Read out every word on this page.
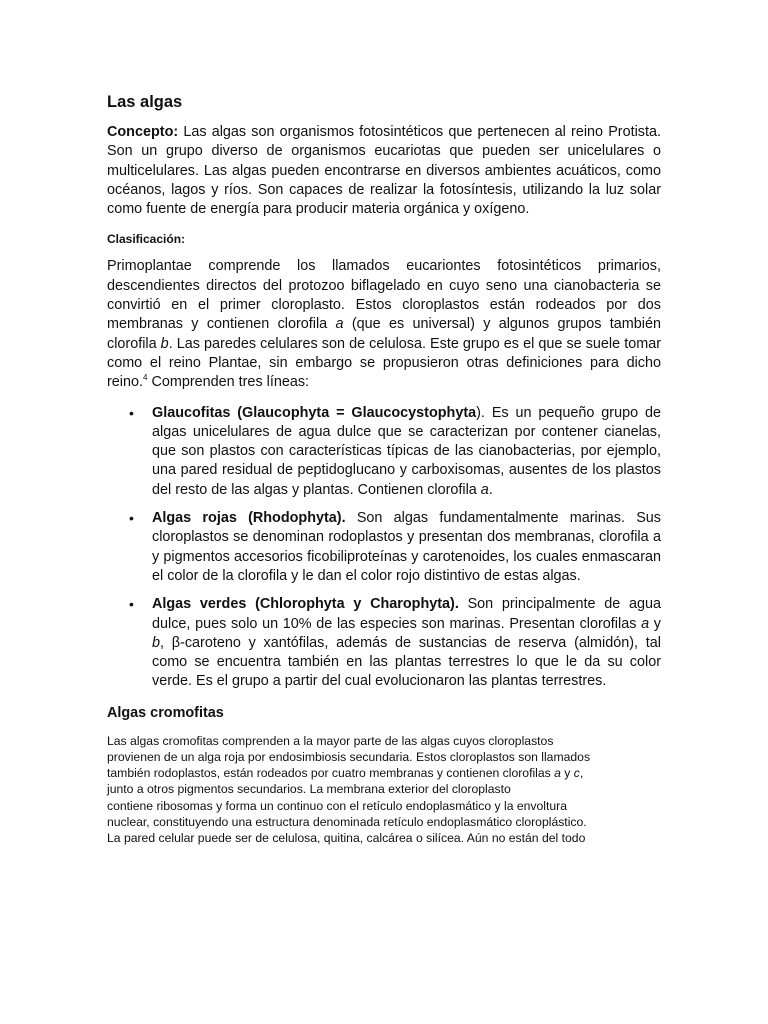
Las algas

Concepto: Las algas son organismos fotosintéticos que pertenecen al reino Protista. Son un grupo diverso de organismos eucariotas que pueden ser unicelulares o multicelulares. Las algas pueden encontrarse en diversos ambientes acuáticos, como océanos, lagos y ríos. Son capaces de realizar la fotosíntesis, utilizando la luz solar como fuente de energía para producir materia orgánica y oxígeno.

Clasificación:

Primoplantae comprende los llamados eucariontes fotosintéticos primarios, descendientes directos del protozoo biflagelado en cuyo seno una cianobacteria se convirtió en el primer cloroplasto. Estos cloroplastos están rodeados por dos membranas y contienen clorofila a (que es universal) y algunos grupos también clorofila b. Las paredes celulares son de celulosa. Este grupo es el que se suele tomar como el reino Plantae, sin embargo se propusieron otras definiciones para dicho reino.$^4$ Comprenden tres líneas:

• Glaucofitas (Glaucophyta = Glaucocystophyta). Es un pequeño grupo de algas unicelulares de agua dulce que se caracterizan por contener cianelas, que son plastos con características típicas de las cianobacterias, por ejemplo, una pared residual de peptidoglucano y carboxisomas, ausentes de los plastos del resto de las algas y plantas. Contienen clorofila a.
• Algas rojas (Rhodophyta). Son algas fundamentalmente marinas. Sus cloroplastos se denominan rodoplastos y presentan dos membranas, clorofila a y pigmentos accesorios ficobiliproteínas y carotenoides, los cuales enmascaran el color de la clorofila y le dan el color rojo distintivo de estas algas.
• Algas verdes (Chlorophyta y Charophyta). Son principalmente de agua dulce, pues solo un 10% de las especies son marinas. Presentan clorofilas a y b, β-caroteno y xantófilas, además de sustancias de reserva (almidón), tal como se encuentra también en las plantas terrestres lo que le da su color verde. Es el grupo a partir del cual evolucionaron las plantas terrestres.

Algas cromofitas

Las algas cromofitas comprenden a la mayor parte de las algas cuyos cloroplastos
provienen de un alga roja por endosimbiosis secundaria. Estos cloroplastos son llamados
también rodoplastos, están rodeados por cuatro membranas y contienen clorofilas a y c,
junto a otros pigmentos secundarios. La membrana exterior del cloroplasto
contiene ribosomas y forma un continuo con el retículo endoplasmático y la envoltura
nuclear, constituyendo una estructura denominada retículo endoplasmático cloroplástico.
La pared celular puede ser de celulosa, quitina, calcárea o silícea. Aún no están del todo
